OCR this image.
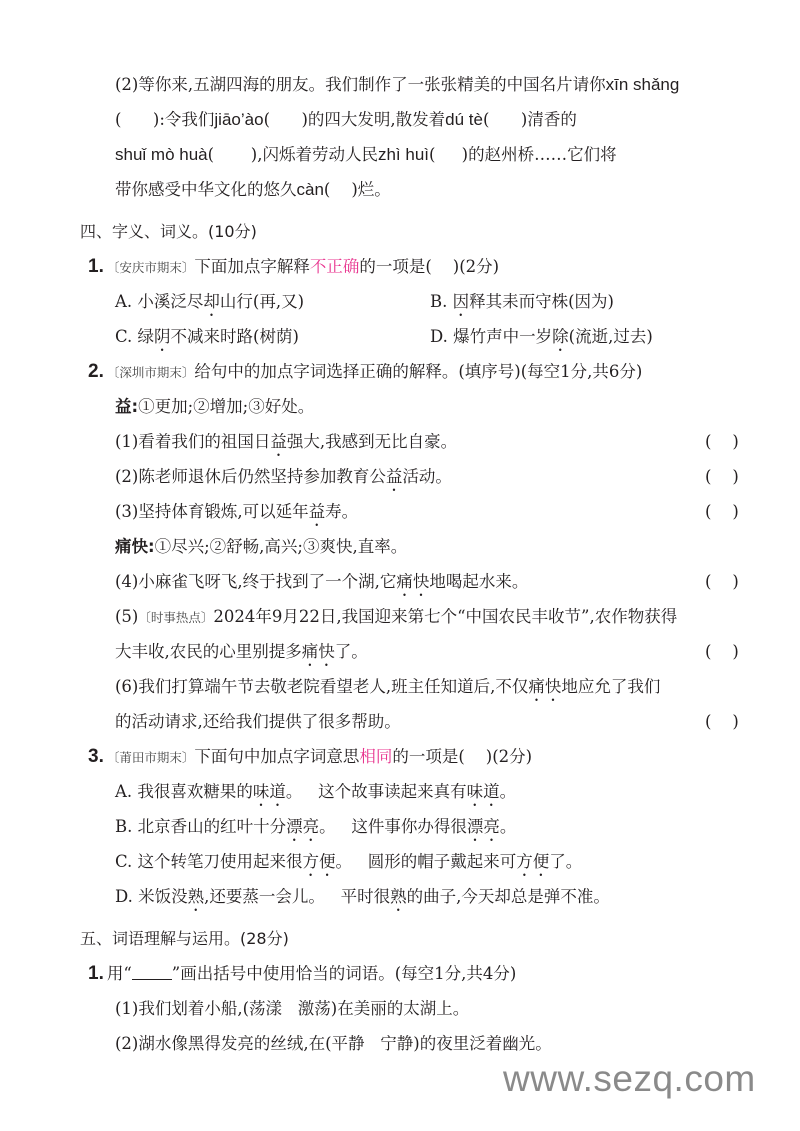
(2)等你来,五湖四海的朋友。我们制作了一张张精美的中国名片请你xīn shǎng
(      ):令我们jiāo’ào(      )的四大发明,散发着dú tè(      )清香的
shuǐ mò huà(       ),闪烁着劳动人民zhì huì(     )的赵州桥……它们将
带你感受中华文化的悠久càn(    )烂。
四、字义、词义。(10分)
1. 〔安庆市期末〕下面加点字解释不正确的一项是(    )(2分)
A. 小溪泛尽却山行(再,又)	B. 因释其耒而守株(因为)
C. 绿阴不减来时路(树荫)	D. 爆竹声中一岁除(流逝,过去)
2. 〔深圳市期末〕给句中的加点字词选择正确的解释。(填序号)(每空1分,共6分)
益:①更加;②增加;③好处。
(1)看着我们的祖国日益强大,我感到无比自豪。	(    )
(2)陈老师退休后仍然坚持参加教育公益活动。	(    )
(3)坚持体育锻炼,可以延年益寿。	(    )
痛快:①尽兴;②舒畅,高兴;③爽快,直率。
(4)小麻雀飞呀飞,终于找到了一个湖,它痛快地喝起水来。	(    )
(5)〔时事热点〕2024年9月22日,我国迎来第七个“中国农民丰收节”,农作物获得
大丰收,农民的心里别提多痛快了。	(    )
(6)我们打算端午节去敬老院看望老人,班主任知道后,不仅痛快地应允了我们
的活动请求,还给我们提供了很多帮助。	(    )
3. 〔莆田市期末〕下面句中加点字词意思相同的一项是(    )(2分)
A. 我很喜欢糖果的味道。   这个故事读起来真有味道。
B. 北京香山的红叶十分漂亮。   这件事你办得很漂亮。
C. 这个转笔刀使用起来很方便。   圆形的帽子戴起来可方便了。
D. 米饭没熟,还要蒸一会儿。   平时很熟的曲子,今天却总是弹不准。
五、词语理解与运用。(28分)
1. 用“ ”画出括号中使用恰当的词语。(每空1分,共4分)
(1)我们划着小船,(荡漾   激荡)在美丽的太湖上。
(2)湖水像黑得发亮的丝绒,在(平静   宁静)的夜里泛着幽光。
www.sezq.com
